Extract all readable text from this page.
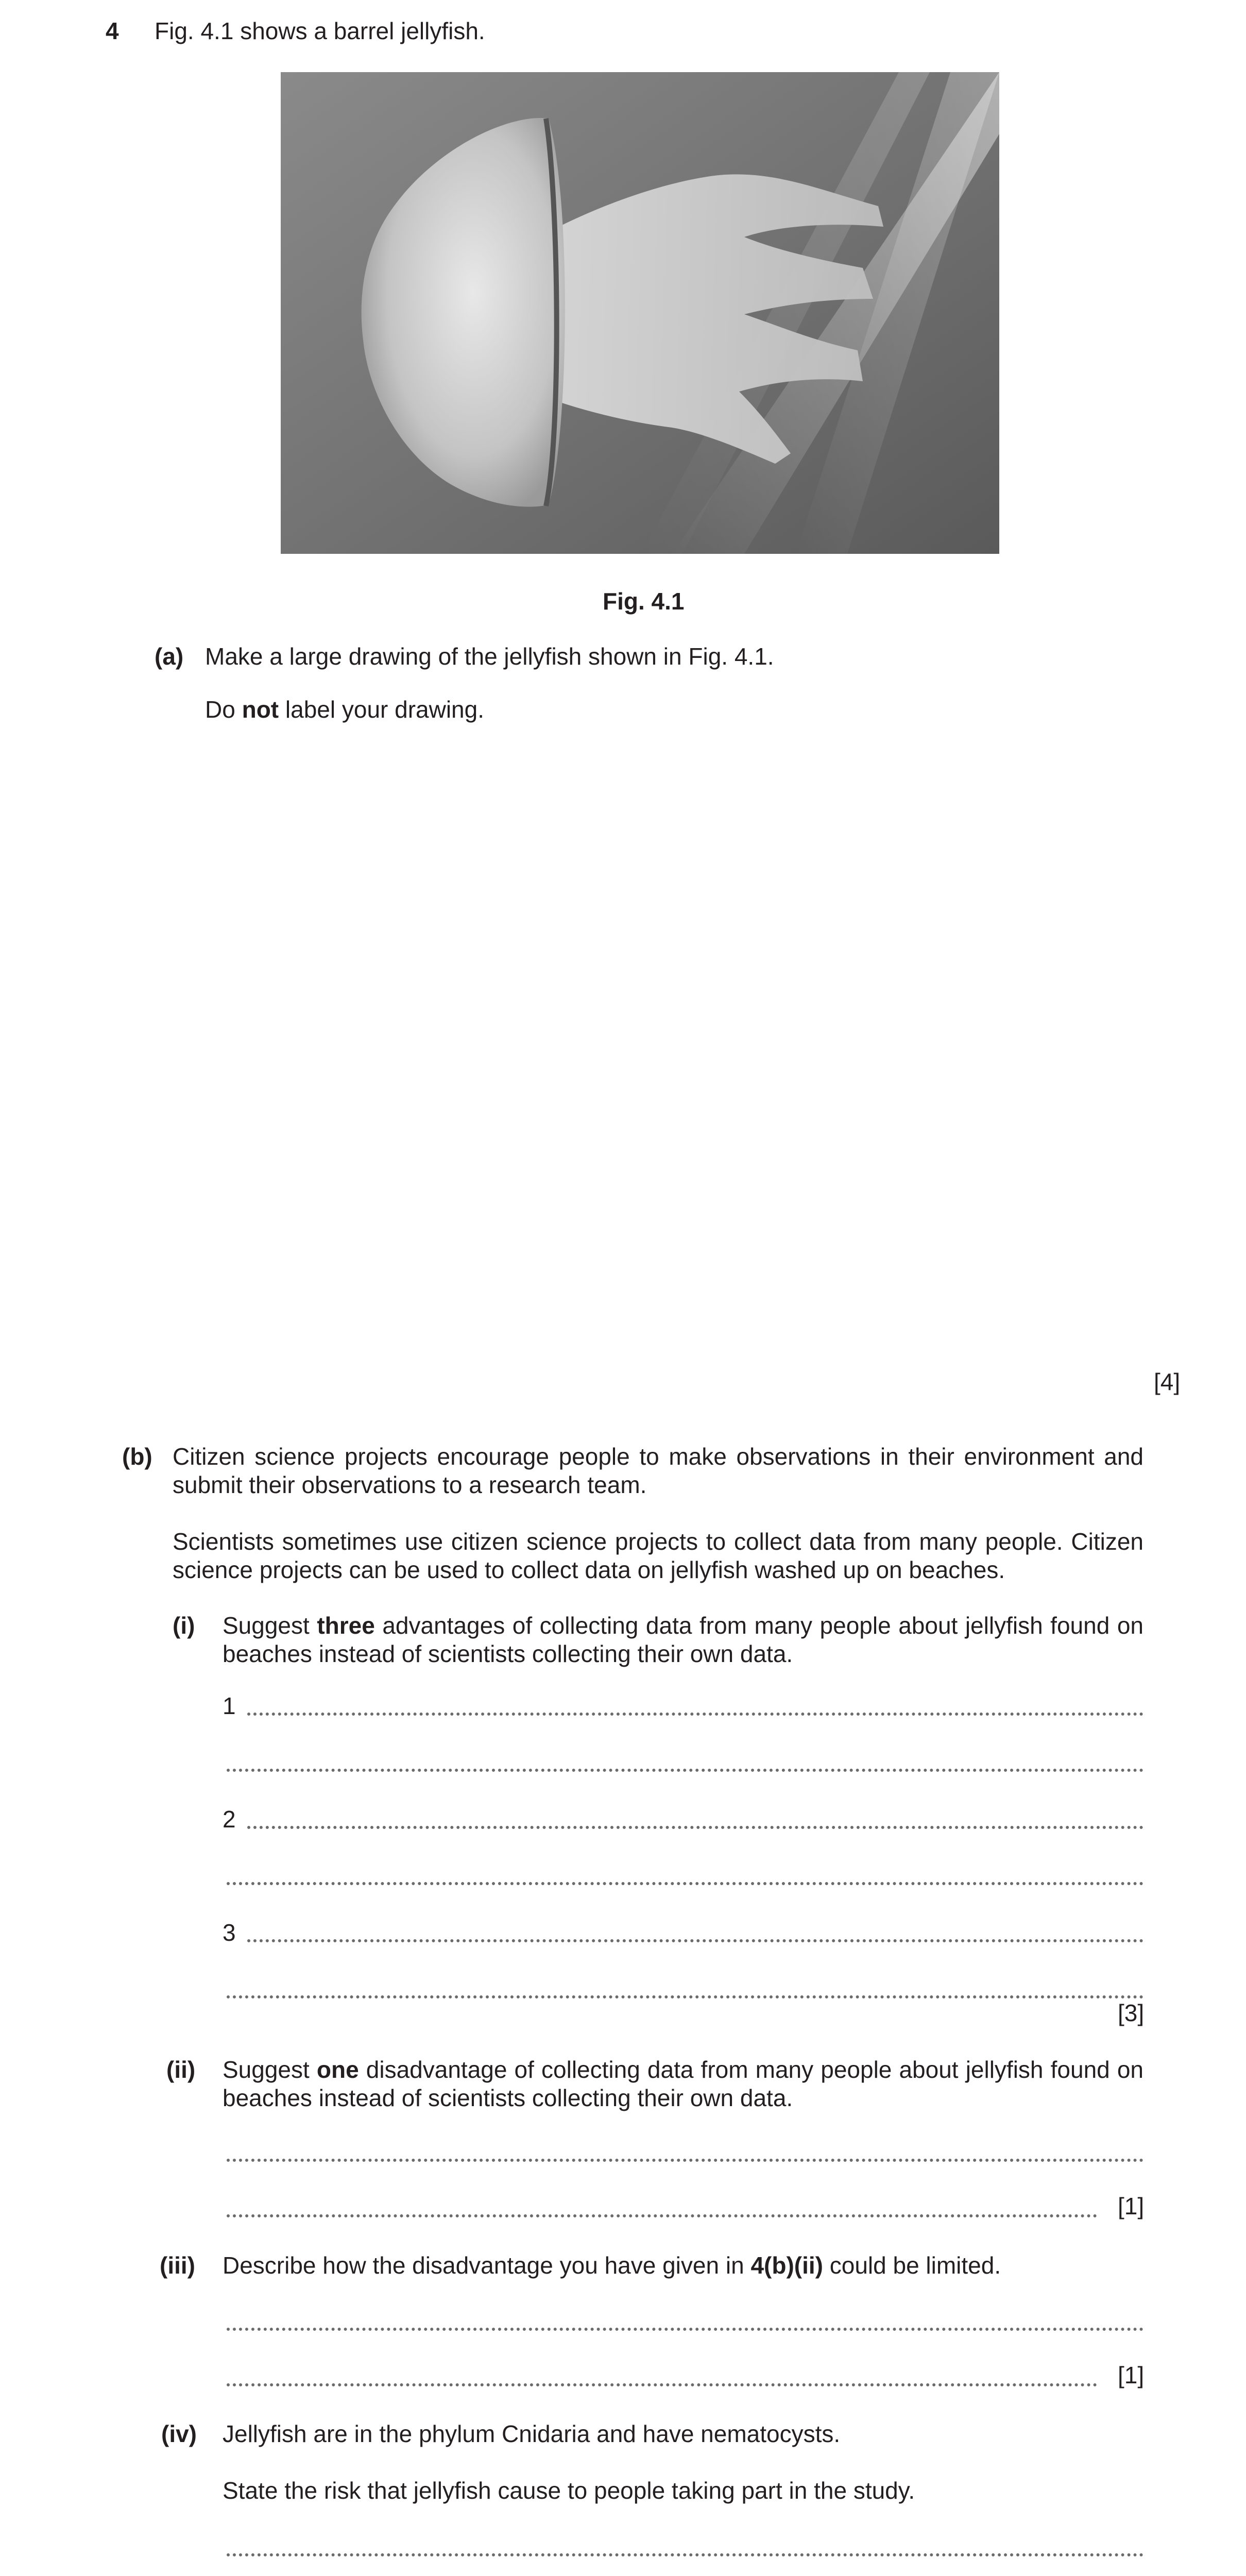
4 Fig. 4.1 shows a barrel jellyfish.
Fig. 4.1
(a) Make a large drawing of the jellyfish shown in Fig. 4.1.
Do not label your drawing.
[4]
(b) Citizen science projects encourage people to make observations in their environment and submit their observations to a research team.
Scientists sometimes use citizen science projects to collect data from many people. Citizen science projects can be used to collect data on jellyfish washed up on beaches.
(i) Suggest three advantages of collecting data from many people about jellyfish found on beaches instead of scientists collecting their own data.
1
2
3
[3]
(ii) Suggest one disadvantage of collecting data from many people about jellyfish found on beaches instead of scientists collecting their own data.
[1]
(iii) Describe how the disadvantage you have given in 4(b)(ii) could be limited.
[1]
(iv) Jellyfish are in the phylum Cnidaria and have nematocysts.
State the risk that jellyfish cause to people taking part in the study.
